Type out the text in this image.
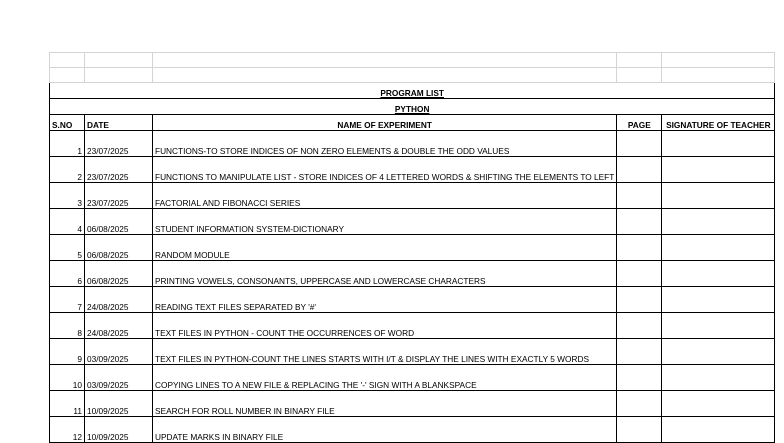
PROGRAM LIST				
PYTHON				
S.NO	DATE	NAME OF EXPERIMENT	PAGE	SIGNATURE OF TEACHER
1	23/07/2025	FUNCTIONS-TO STORE INDICES OF NON ZERO ELEMENTS & DOUBLE THE ODD VALUES		
2	23/07/2025	FUNCTIONS TO MANIPULATE LIST - STORE INDICES OF 4 LETTERED WORDS & SHIFTING THE ELEMENTS TO LEFT		
3	23/07/2025	FACTORIAL AND FIBONACCI SERIES		
4	06/08/2025	STUDENT INFORMATION SYSTEM-DICTIONARY		
5	06/08/2025	RANDOM MODULE		
6	06/08/2025	PRINTING VOWELS, CONSONANTS, UPPERCASE AND LOWERCASE CHARACTERS		
7	24/08/2025	READING TEXT FILES SEPARATED BY '#'		
8	24/08/2025	TEXT FILES IN PYTHON - COUNT THE OCCURRENCES OF WORD		
9	03/09/2025	TEXT FILES IN PYTHON-COUNT THE LINES STARTS WITH I/T & DISPLAY THE LINES WITH EXACTLY 5 WORDS		
10	03/09/2025	COPYING LINES TO A NEW FILE & REPLACING THE '-' SIGN WITH A BLANKSPACE		
11	10/09/2025	SEARCH FOR ROLL NUMBER IN BINARY FILE		
12	10/09/2025	UPDATE MARKS IN BINARY FILE		
